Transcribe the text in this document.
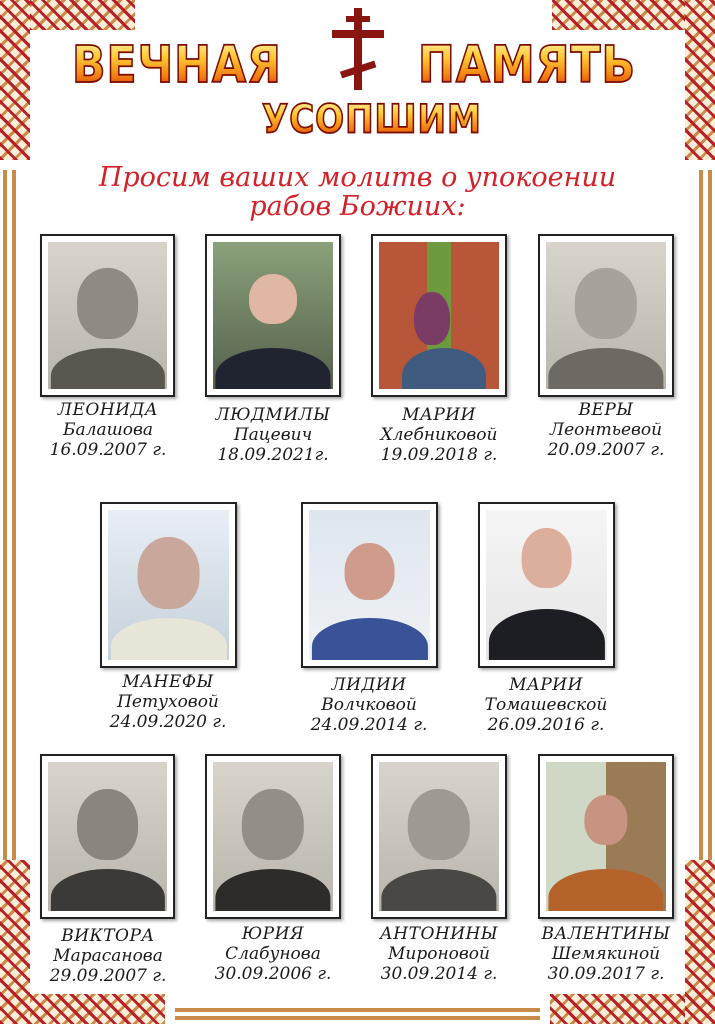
ВЕЧНАЯ	ПАМЯТЬ
УСОПШИМ
Просим ваших молитв о упокоении
рабов Божиих:
ЛЕОНИДА
Балашова
16.09.2007 г.
ЛЮДМИЛЫ
Пацевич
18.09.2021г.
МАРИИ
Хлебниковой
19.09.2018 г.
ВЕРЫ
Леонтьевой
20.09.2007 г.
МАНЕФЫ
Петуховой
24.09.2020 г.
ЛИДИИ
Волчковой
24.09.2014 г.
МАРИИ
Томашевской
26.09.2016 г.
ВИКТОРА
Марасанова
29.09.2007 г.
ЮРИЯ
Слабунова
30.09.2006 г.
АНТОНИНЫ
Мироновой
30.09.2014 г.
ВАЛЕНТИНЫ
Шемякиной
30.09.2017 г.
